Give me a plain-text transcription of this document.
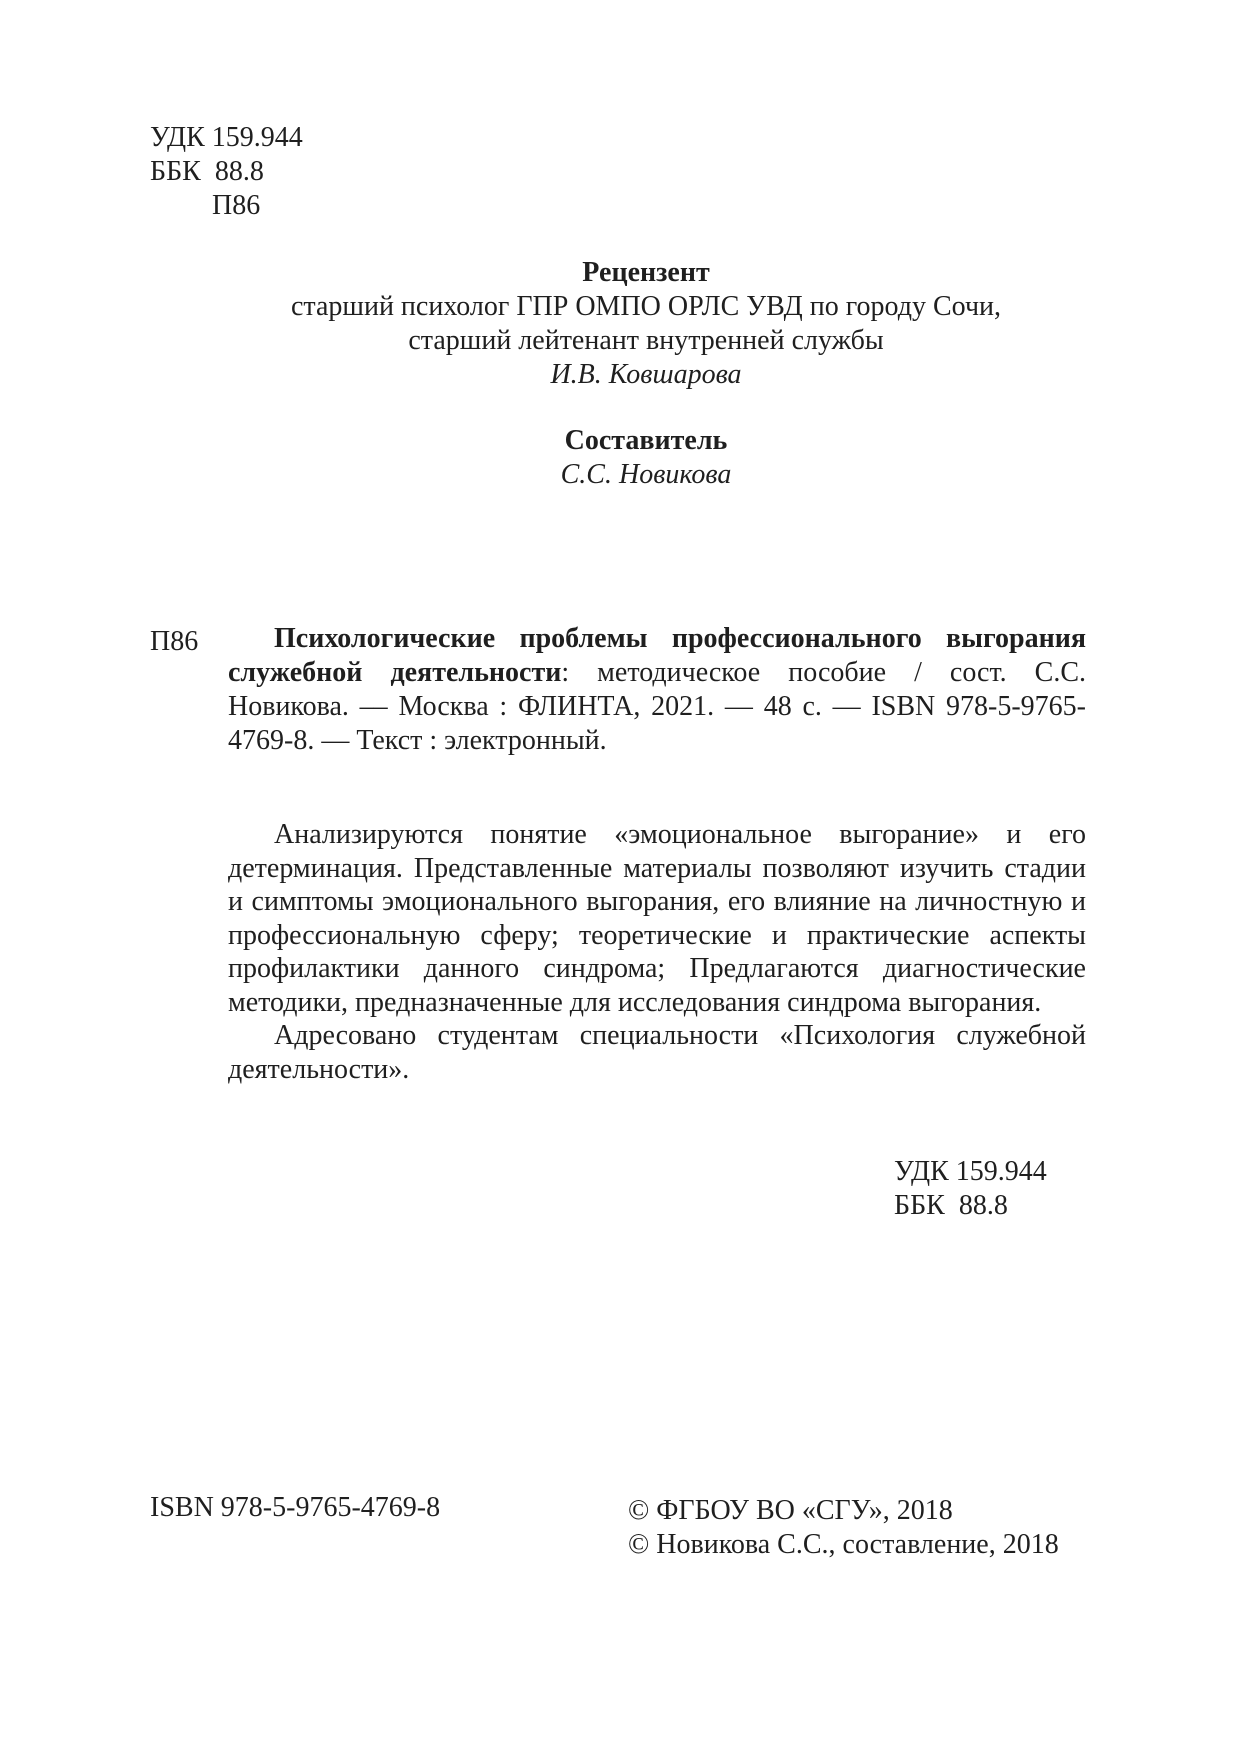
УДК 159.944
ББК  88.8
П86
Рецензент
старший психолог ГПР ОМПО ОРЛС УВД по городу Сочи,
старший лейтенант внутренней службы
И.В. Ковшарова
Составитель
С.С. Новикова
П86	Психологические проблемы профессионального выгорания служебной деятельности: методическое пособие / сост. С.С. Новикова. –– Москва : ФЛИНТА, 2021. — 48 с. — ISBN 978-5-9765-4769-8. — Текст : электронный.

Анализируются понятие «эмоциональное выгорание» и его детерминация. Представленные материалы позволяют изучить стадии и симптомы эмоционального выгорания, его влияние на личностную и профессиональную сферу; теоретические и практические аспекты профилактики данного синдрома; Предлагаются диагностические методики, предназначенные для исследования синдрома выгорания.

Адресовано студентам специальности «Психология служебной деятельности».

УДК 159.944
ББК  88.8
ISBN 978-5-9765-4769-8	© ФГБОУ ВО «СГУ», 2018
© Новикова С.С., составление, 2018
